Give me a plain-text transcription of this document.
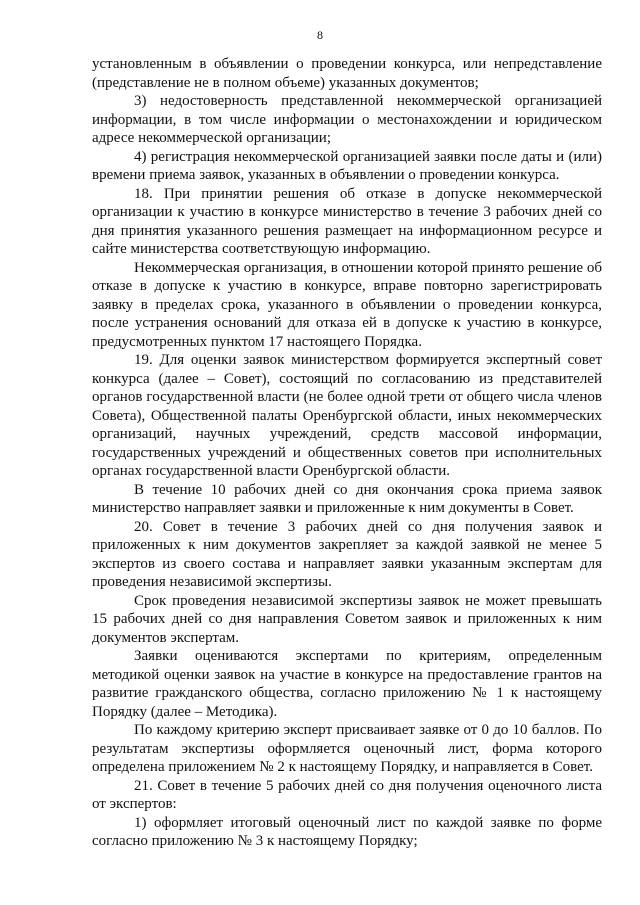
8

установленным в объявлении о проведении конкурса, или непредставление (представление не в полном объеме) указанных документов;

3) недостоверность представленной некоммерческой организацией информации, в том числе информации о местонахождении и юридическом адресе некоммерческой организации;

4) регистрация некоммерческой организацией заявки после даты и (или) времени приема заявок, указанных в объявлении о проведении конкурса.

18. При принятии решения об отказе в допуске некоммерческой организации к участию в конкурсе министерство в течение 3 рабочих дней со дня принятия указанного решения размещает на информационном ресурсе и сайте министерства соответствующую информацию.

Некоммерческая организация, в отношении которой принято решение об отказе в допуске к участию в конкурсе, вправе повторно зарегистрировать заявку в пределах срока, указанного в объявлении о проведении конкурса, после устранения оснований для отказа ей в допуске к участию в конкурсе, предусмотренных пунктом 17 настоящего Порядка.

19. Для оценки заявок министерством формируется экспертный совет конкурса (далее – Совет), состоящий по согласованию из представителей органов государственной власти (не более одной трети от общего числа членов Совета), Общественной палаты Оренбургской области, иных некоммерческих организаций, научных учреждений, средств массовой информации, государственных учреждений и общественных советов при исполнительных органах государственной власти Оренбургской области.

В течение 10 рабочих дней со дня окончания срока приема заявок министерство направляет заявки и приложенные к ним документы в Совет.

20. Совет в течение 3 рабочих дней со дня получения заявок и приложенных к ним документов закрепляет за каждой заявкой не менее 5 экспертов из своего состава и направляет заявки указанным экспертам для проведения независимой экспертизы.

Срок проведения независимой экспертизы заявок не может превышать 15 рабочих дней со дня направления Советом заявок и приложенных к ним документов экспертам.

Заявки оцениваются экспертами по критериям, определенным методикой оценки заявок на участие в конкурсе на предоставление грантов на развитие гражданского общества, согласно приложению № 1 к настоящему Порядку (далее – Методика).

По каждому критерию эксперт присваивает заявке от 0 до 10 баллов. По результатам экспертизы оформляется оценочный лист, форма которого определена приложением № 2 к настоящему Порядку, и направляется в Совет.

21. Совет в течение 5 рабочих дней со дня получения оценочного листа от экспертов:

1) оформляет итоговый оценочный лист по каждой заявке по форме согласно приложению № 3 к настоящему Порядку;
